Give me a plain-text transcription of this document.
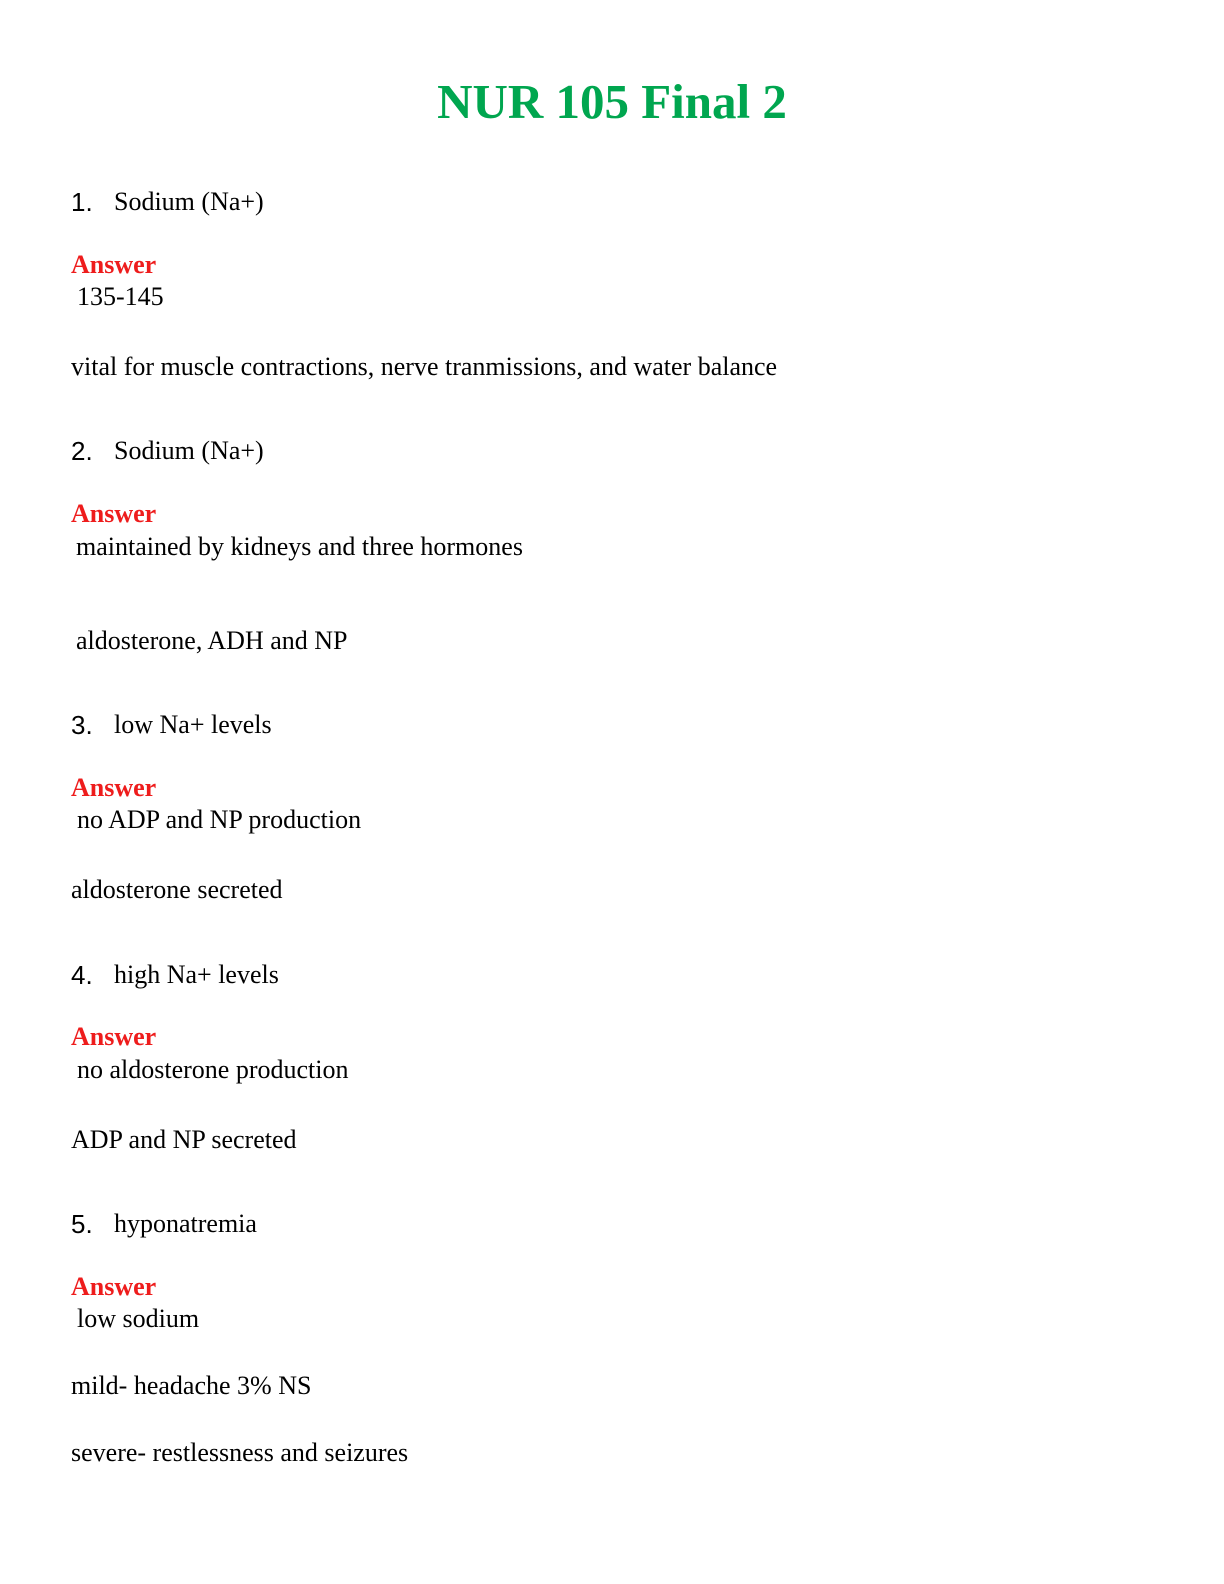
NUR 105 Final 2
1. Sodium (Na+)
Answer
135-145
vital for muscle contractions, nerve tranmissions, and water balance
2. Sodium (Na+)
Answer
maintained by kidneys and three hormones
aldosterone, ADH and NP
3. low Na+ levels
Answer
no ADP and NP production
aldosterone secreted
4. high Na+ levels
Answer
no aldosterone production
ADP and NP secreted
5. hyponatremia
Answer
low sodium
mild- headache 3% NS
severe- restlessness and seizures
